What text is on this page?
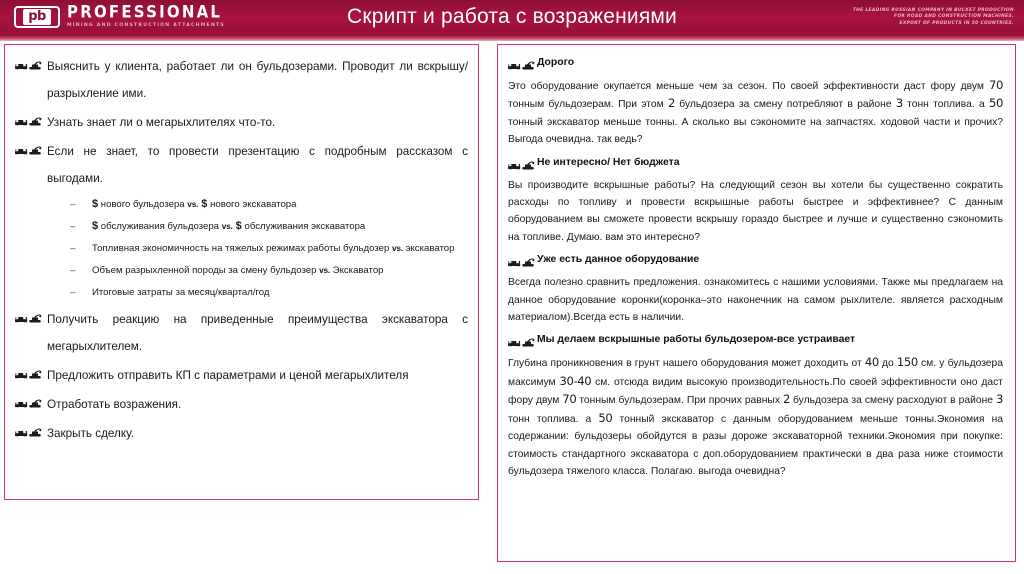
pb	PROFESSIONAL
MINING AND CONSTRUCTION ATTACHMENTS	Скрипт и работа с возражениями	THE LEADING RUSSIAN COMPANY IN BUCKET PRODUCTION
FOR ROAD AND CONSTRUCTION MACHINES.
EXPORT OF PRODUCTS IN 50 COUNTRIES.
Выяснить у клиента, работает ли он бульдозерами. Проводит ли вскрышу/разрыхление ими.
Узнать знает ли о мегарыхлителях что-то.
Если не знает, то провести презентацию с подробным рассказом с выгодами.
–	$ нового бульдозера vs. $ нового экскаватора
–	$ обслуживания бульдозера vs. $ обслуживания экскаватора
–	Топливная экономичность на тяжелых режимах работы бульдозер vs. экскаватор
–	Объем разрыхленной породы за смену бульдозер vs. Экскаватор
–	Итоговые затраты за месяц/квартал/год
Получить реакцию на приведенные преимущества экскаватора с мегарыхлителем.
Предложить отправить КП с параметрами и ценой мегарыхлителя
Отработать возражения.
Закрыть сделку.
Дорого
Это оборудование окупается меньше чем за сезон. По своей эффективности даст фору двум 70 тонным бульдозерам. При этом 2 бульдозера за смену потребляют в районе 3 тонн топлива. а 50 тонный экскаватор меньше тонны. А сколько вы сэкономите на запчастях. ходовой части и прочих? Выгода очевидна. так ведь?
Не интересно/ Нет бюджета
Вы производите вскрышные работы? На следующий сезон вы хотели бы существенно сократить расходы по топливу и провести вскрышные работы быстрее и эффективнее? С данным оборудованием вы сможете провести вскрышу гораздо быстрее и лучше и существенно сэкономить на топливе. Думаю. вам это интересно?
Уже есть данное оборудование
Всегда полезно сравнить предложения. ознакомитесь с нашими условиями. Также мы предлагаем на данное оборудование коронки(коронка–это наконечник на самом рыхлителе. является расходным материалом).Всегда есть в наличии.
Мы делаем вскрышные работы бульдозером-все устраивает
Глубина проникновения в грунт нашего оборудования может доходить от 40 до 150 см. у бульдозера максимум 30-40 см. отсюда видим высокую производительность.По своей эффективности оно даст фору двум 70 тонным бульдозерам. При прочих равных 2 бульдозера за смену расходуют в районе 3 тонн топлива. а 50 тонный экскаватор с данным оборудованием меньше тонны.Экономия на содержании: бульдозеры обойдутся в разы дороже экскаваторной техники.Экономия при покупке: стоимость стандартного экскаватора с доп.оборудованием практически в два раза ниже стоимости бульдозера тяжелого класса. Полагаю. выгода очевидна?
